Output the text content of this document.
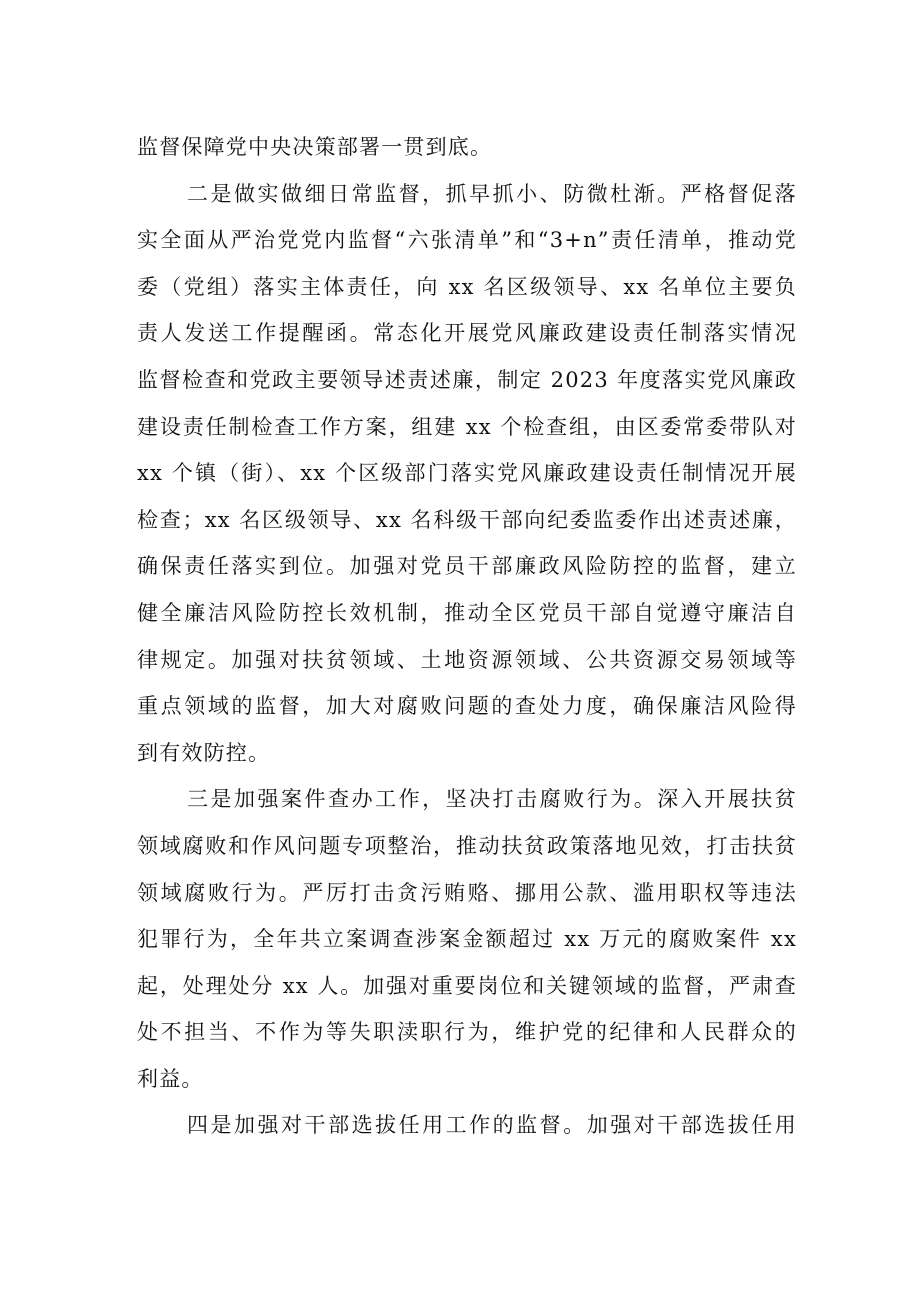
监督保障党中央决策部署一贯到底。
二是做实做细日常监督，抓早抓小、防微杜渐。严格督促落
实全面从严治党党内监督“六张清单”和“3+n”责任清单，推动党
委（党组）落实主体责任，向 xx 名区级领导、xx 名单位主要负
责人发送工作提醒函。常态化开展党风廉政建设责任制落实情况
监督检查和党政主要领导述责述廉，制定 2023 年度落实党风廉政
建设责任制检查工作方案，组建 xx 个检查组，由区委常委带队对
xx 个镇（街）、xx 个区级部门落实党风廉政建设责任制情况开展
检查；xx 名区级领导、xx 名科级干部向纪委监委作出述责述廉，
确保责任落实到位。加强对党员干部廉政风险防控的监督，建立
健全廉洁风险防控长效机制，推动全区党员干部自觉遵守廉洁自
律规定。加强对扶贫领域、土地资源领域、公共资源交易领域等
重点领域的监督，加大对腐败问题的查处力度，确保廉洁风险得
到有效防控。
三是加强案件查办工作，坚决打击腐败行为。深入开展扶贫
领域腐败和作风问题专项整治，推动扶贫政策落地见效，打击扶贫
领域腐败行为。严厉打击贪污贿赂、挪用公款、滥用职权等违法
犯罪行为，全年共立案调查涉案金额超过 xx 万元的腐败案件 xx
起，处理处分 xx 人。加强对重要岗位和关键领域的监督，严肃查
处不担当、不作为等失职渎职行为，维护党的纪律和人民群众的
利益。
四是加强对干部选拔任用工作的监督。加强对干部选拔任用
